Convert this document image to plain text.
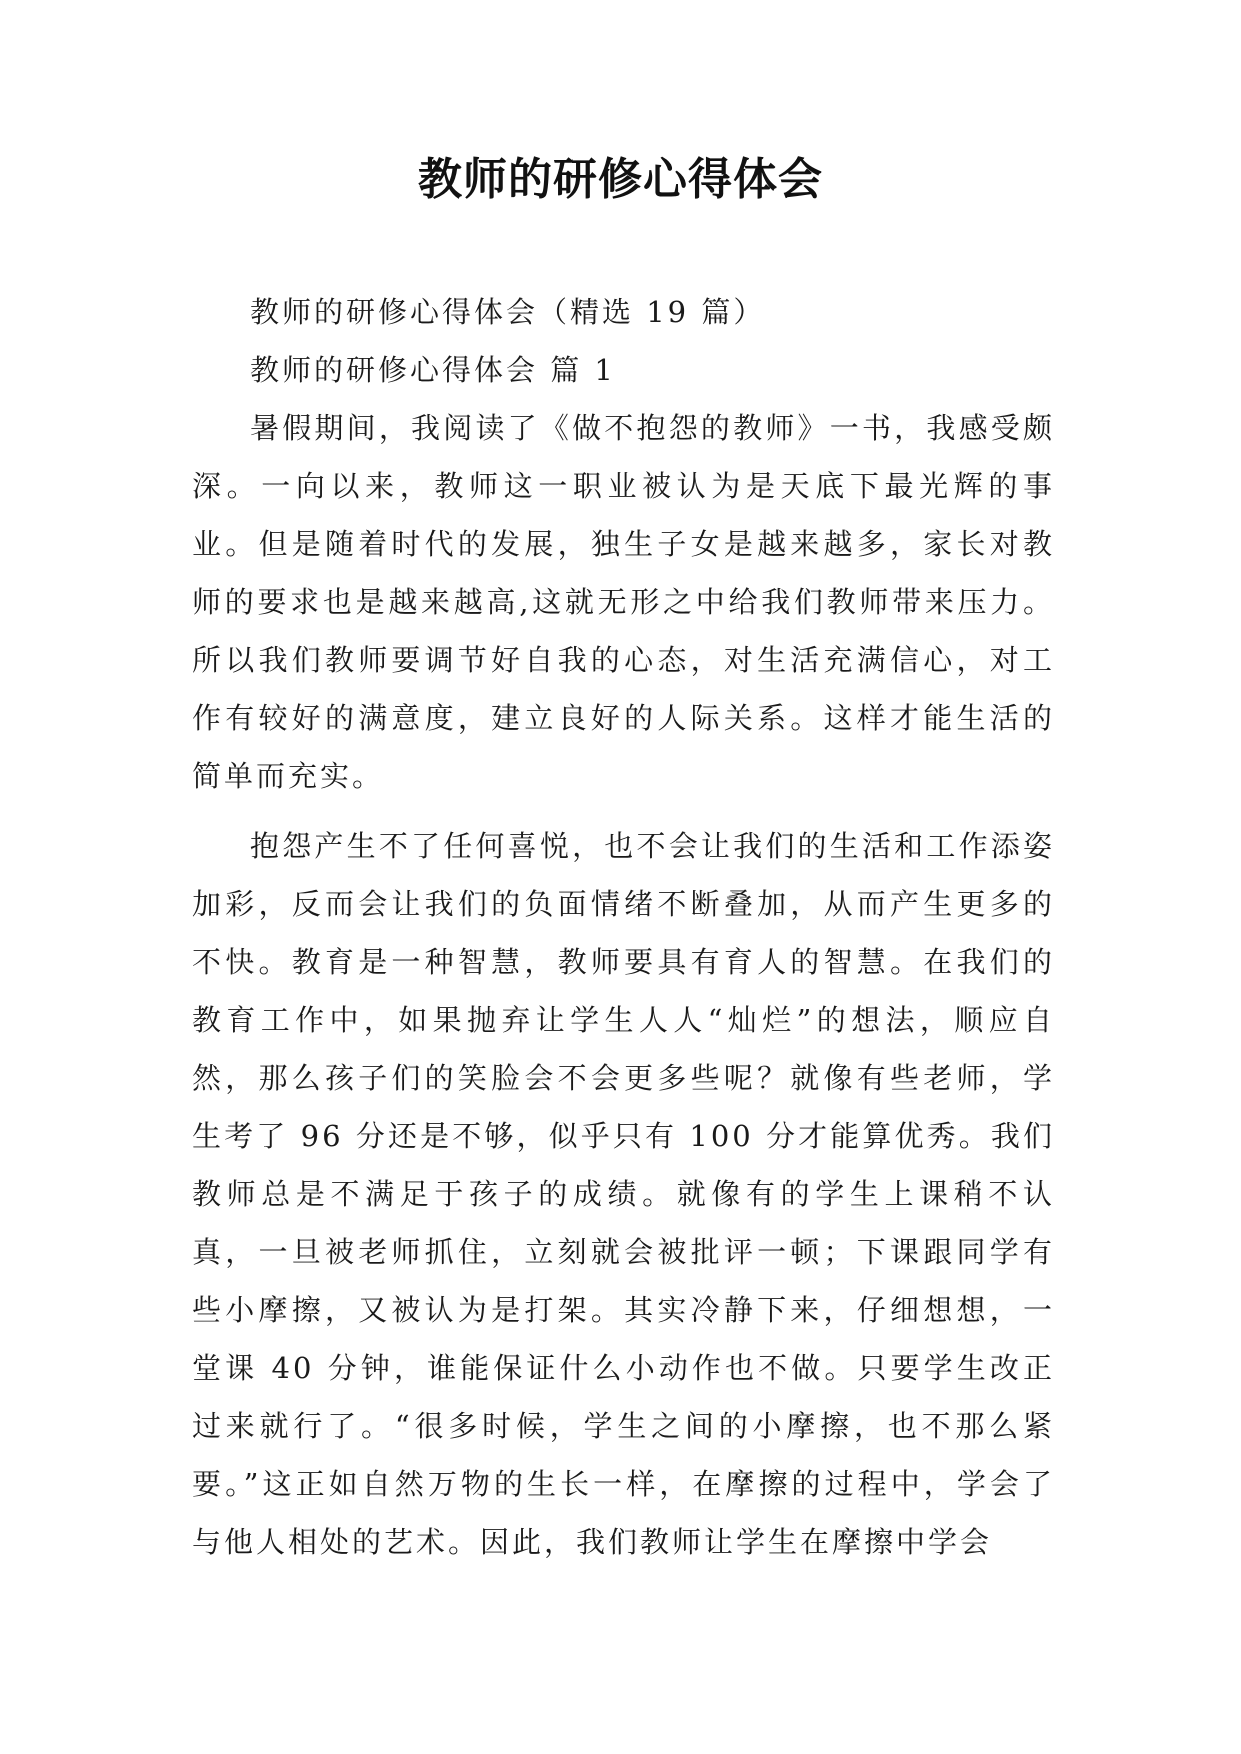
教师的研修心得体会

教师的研修心得体会（精选 19 篇）

教师的研修心得体会 篇 1

暑假期间，我阅读了《做不抱怨的教师》一书，我感受颇深。一向以来，教师这一职业被认为是天底下最光辉的事业。但是随着时代的发展，独生子女是越来越多，家长对教师的要求也是越来越高,这就无形之中给我们教师带来压力。所以我们教师要调节好自我的心态，对生活充满信心，对工作有较好的满意度，建立良好的人际关系。这样才能生活的简单而充实。

抱怨产生不了任何喜悦，也不会让我们的生活和工作添姿加彩，反而会让我们的负面情绪不断叠加，从而产生更多的不快。教育是一种智慧，教师要具有育人的智慧。在我们的教育工作中，如果抛弃让学生人人“灿烂”的想法，顺应自然，那么孩子们的笑脸会不会更多些呢？就像有些老师，学生考了 96 分还是不够，似乎只有 100 分才能算优秀。我们教师总是不满足于孩子的成绩。就像有的学生上课稍不认真，一旦被老师抓住，立刻就会被批评一顿；下课跟同学有些小摩擦，又被认为是打架。其实冷静下来，仔细想想，一堂课 40 分钟，谁能保证什么小动作也不做。只要学生改正过来就行了。“很多时候，学生之间的小摩擦，也不那么紧要。”这正如自然万物的生长一样，在摩擦的过程中，学会了与他人相处的艺术。因此，我们教师让学生在摩擦中学会
